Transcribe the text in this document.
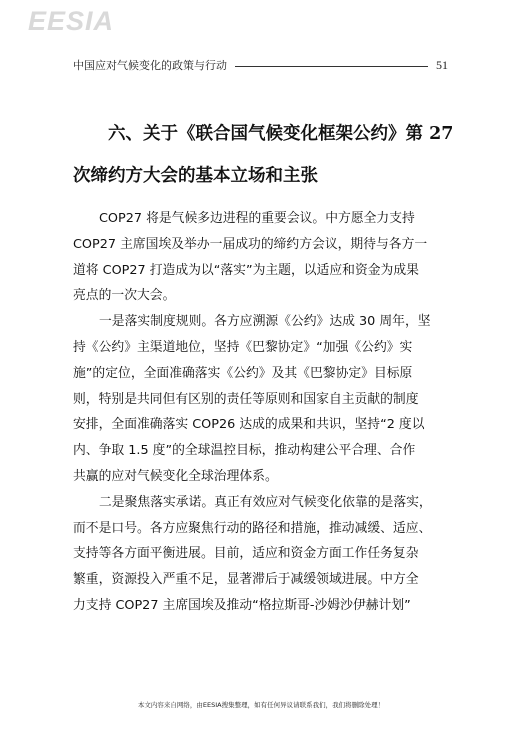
EESIA
中国应对气候变化的政策与行动	51
六、关于《联合国气候变化框架公约》第 27
次缔约方大会的基本立场和主张
COP27 将是气候多边进程的重要会议。中方愿全力支持
COP27 主席国埃及举办一届成功的缔约方会议，期待与各方一
道将 COP27 打造成为以“落实”为主题，以适应和资金为成果
亮点的一次大会。
一是落实制度规则。各方应溯源《公约》达成 30 周年，坚
持《公约》主渠道地位，坚持《巴黎协定》“加强《公约》实
施”的定位，全面准确落实《公约》及其《巴黎协定》目标原
则，特别是共同但有区别的责任等原则和国家自主贡献的制度
安排，全面准确落实 COP26 达成的成果和共识，坚持“2 度以
内、争取 1.5 度”的全球温控目标，推动构建公平合理、合作
共赢的应对气候变化全球治理体系。
二是聚焦落实承诺。真正有效应对气候变化依靠的是落实，
而不是口号。各方应聚焦行动的路径和措施，推动减缓、适应、
支持等各方面平衡进展。目前，适应和资金方面工作任务复杂
繁重，资源投入严重不足，显著滞后于减缓领域进展。中方全
力支持 COP27 主席国埃及推动“格拉斯哥-沙姆沙伊赫计划”
本文内容来自网络，由EESIA搜集整理，如有任何异议请联系我们，我们将删除处理！
